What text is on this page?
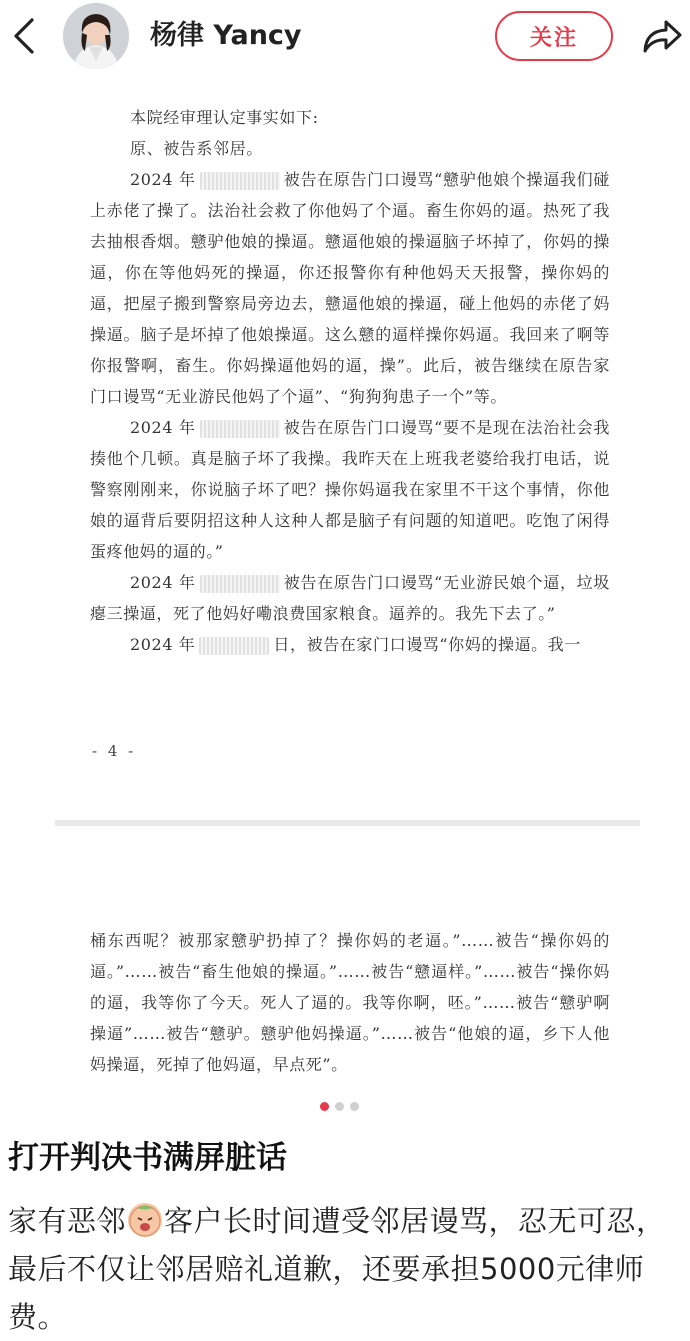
杨律 Yancy	关注

本院经审理认定事实如下:

原、被告系邻居。

2024 年	被告在原告门口谩骂“戆驴他娘个操逼我们碰上赤佬了操了。法治社会救了你他妈了个逼。畜生你妈的逼。热死了我去抽根香烟。戆驴他娘的操逼。戆逼他娘的操逼脑子坏掉了，你妈的操逼，你在等他妈死的操逼，你还报警你有种他妈天天报警，操你妈的逼，把屋子搬到警察局旁边去，戆逼他娘的操逼，碰上他妈的赤佬了妈操逼。脑子是坏掉了他娘操逼。这么戆的逼样操你妈逼。我回来了啊等你报警啊，畜生。你妈操逼他妈的逼，操”。此后，被告继续在原告家门口谩骂“无业游民他妈了个逼”、“狗狗狗患子一个”等。

2024 年	被告在原告门口谩骂“要不是现在法治社会我揍他个几顿。真是脑子坏了我操。我昨天在上班我老婆给我打电话，说警察刚刚来，你说脑子坏了吧？操你妈逼我在家里不干这个事情，你他娘的逼背后要阴招这种人这种人都是脑子有问题的知道吧。吃饱了闲得蛋疼他妈的逼的。”

2024 年	被告在原告门口谩骂“无业游民娘个逼，垃圾瘪三操逼，死了他妈好嘞浪费国家粮食。逼养的。我先下去了。”

2024 年	日，被告在家门口谩骂“你妈的操逼。我一

- 4 -

桶东西呢？被那家戆驴扔掉了？操你妈的老逼。”……被告“操你妈的逼。”……被告“畜生他娘的操逼。”……被告“戆逼样。”……被告“操你妈的逼，我等你了今天。死人了逼的。我等你啊，呸。”……被告“戆驴啊操逼”……被告“戆驴。戆驴他妈操逼。”……被告“他娘的逼，乡下人他妈操逼，死掉了他妈逼，早点死”。

打开判决书满屏脏话
家有恶邻 客户长时间遭受邻居谩骂，忍无可忍，最后不仅让邻居赔礼道歉，还要承担5000元律师费。
